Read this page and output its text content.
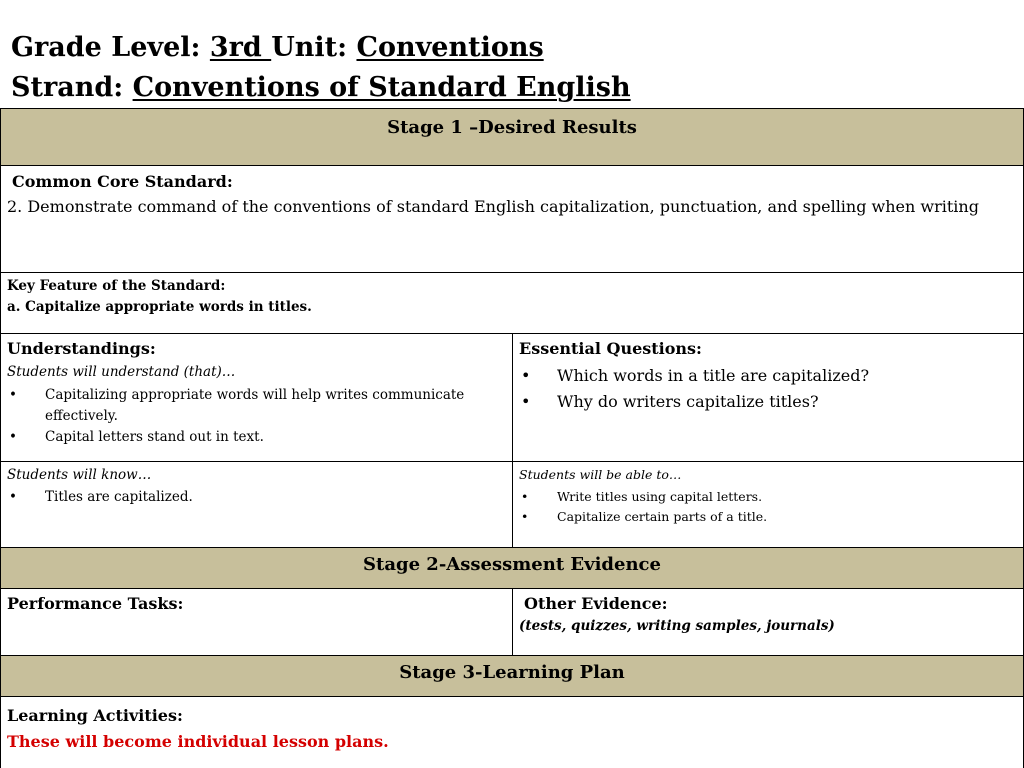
Grade Level: 3rd Unit: Conventions
Strand: Conventions of Standard English
Stage 1 –Desired Results
Common Core Standard:
2. Demonstrate command of the conventions of standard English capitalization, punctuation, and spelling when writing
Key Feature of the Standard:
a. Capitalize appropriate words in titles.
Understandings:
Students will understand (that)…
• Capitalizing appropriate words will help writes communicate effectively.
• Capital letters stand out in text.
Essential Questions:
• Which words in a title are capitalized?
• Why do writers capitalize titles?
Students will know…
• Titles are capitalized.
Students will be able to…
• Write titles using capital letters.
• Capitalize certain parts of a title.
Stage 2-Assessment Evidence
Performance Tasks:	Other Evidence:
(tests, quizzes, writing samples, journals)
Stage 3-Learning Plan
Learning Activities:
These will become individual lesson plans.
